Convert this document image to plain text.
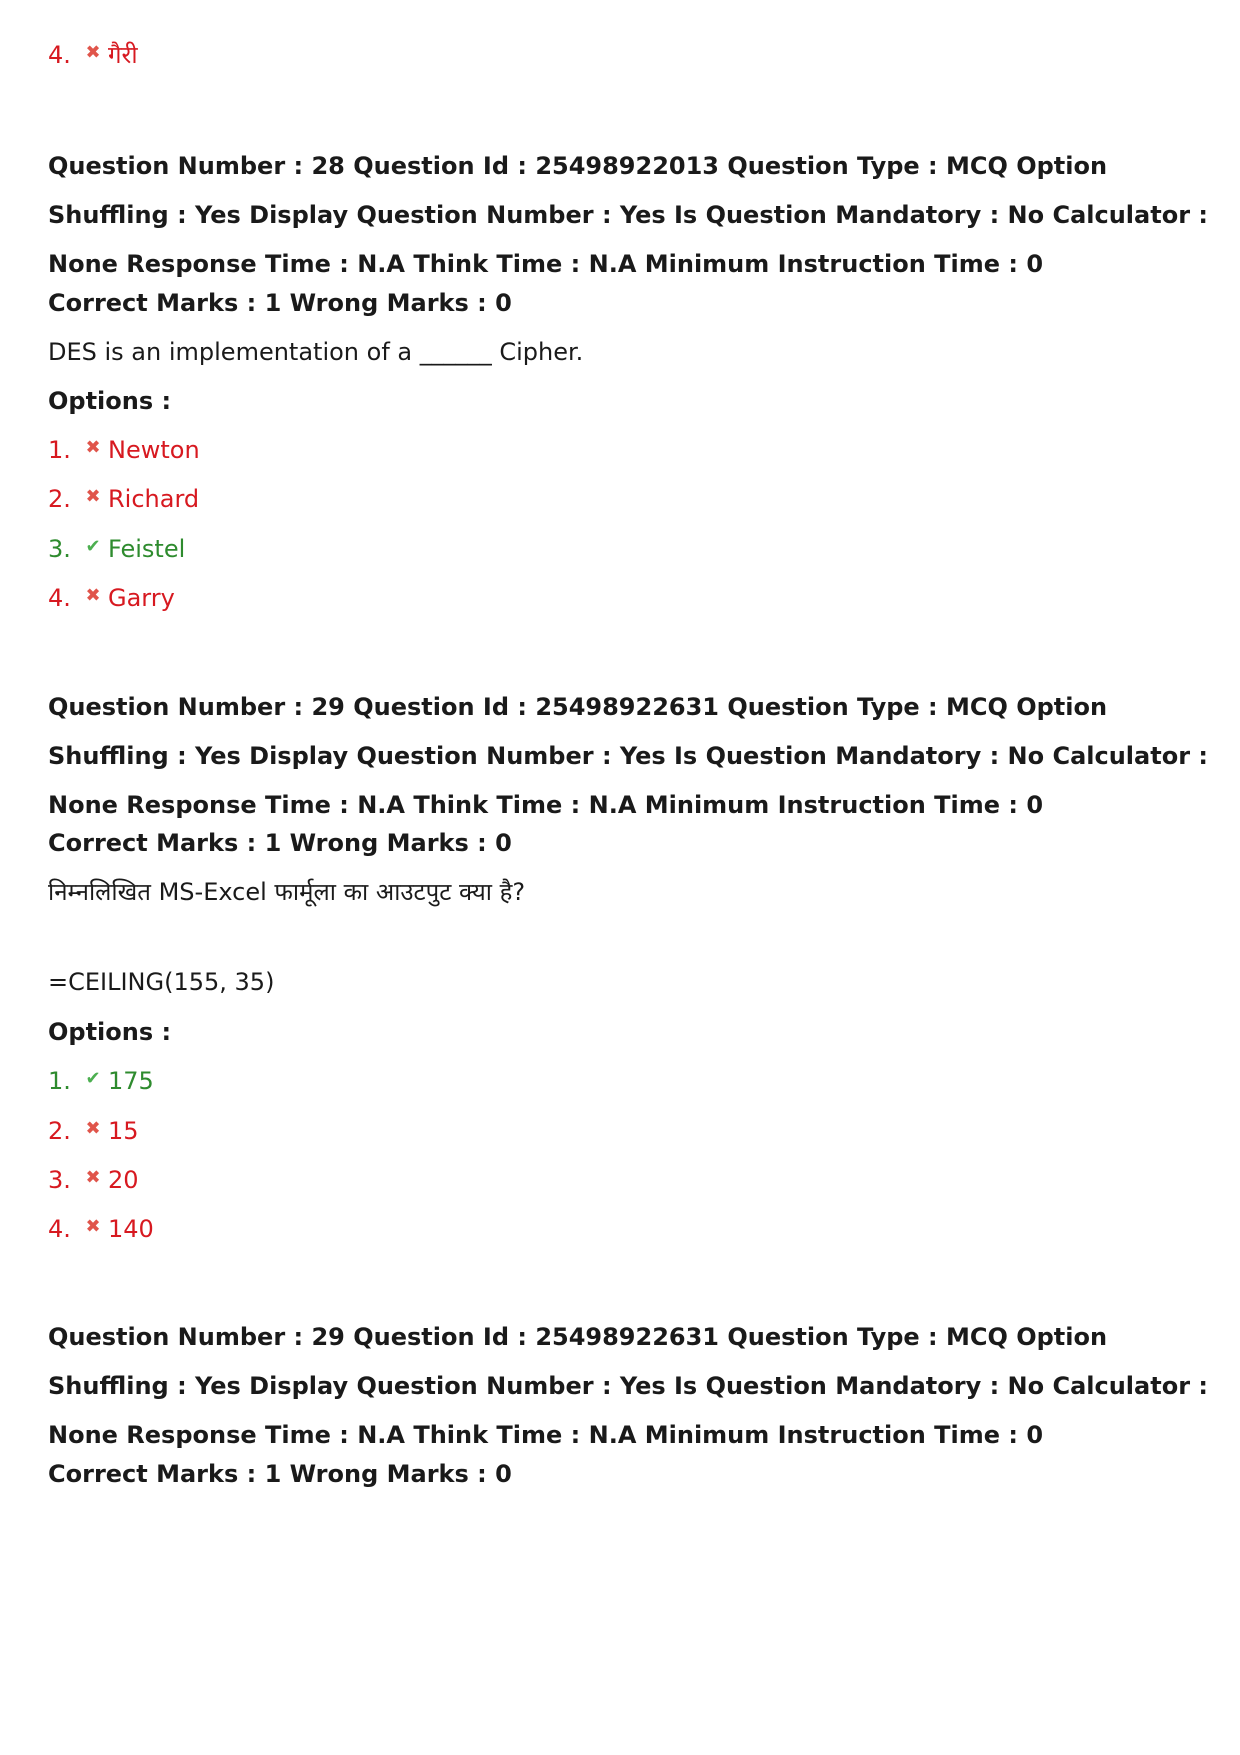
4. ✖ गैरी
Question Number : 28 Question Id : 25498922013 Question Type : MCQ Option Shuffling : Yes Display Question Number : Yes Is Question Mandatory : No Calculator : None Response Time : N.A Think Time : N.A Minimum Instruction Time : 0
Correct Marks : 1 Wrong Marks : 0
DES is an implementation of a ______ Cipher.
Options :
1. ✖ Newton
2. ✖ Richard
3. ✔ Feistel
4. ✖ Garry
Question Number : 29 Question Id : 25498922631 Question Type : MCQ Option Shuffling : Yes Display Question Number : Yes Is Question Mandatory : No Calculator : None Response Time : N.A Think Time : N.A Minimum Instruction Time : 0
Correct Marks : 1 Wrong Marks : 0
निम्नलिखित MS-Excel फार्मूला का आउटपुट क्या है?
=CEILING(155, 35)
Options :
1. ✔ 175
2. ✖ 15
3. ✖ 20
4. ✖ 140
Question Number : 29 Question Id : 25498922631 Question Type : MCQ Option Shuffling : Yes Display Question Number : Yes Is Question Mandatory : No Calculator : None Response Time : N.A Think Time : N.A Minimum Instruction Time : 0
Correct Marks : 1 Wrong Marks : 0
